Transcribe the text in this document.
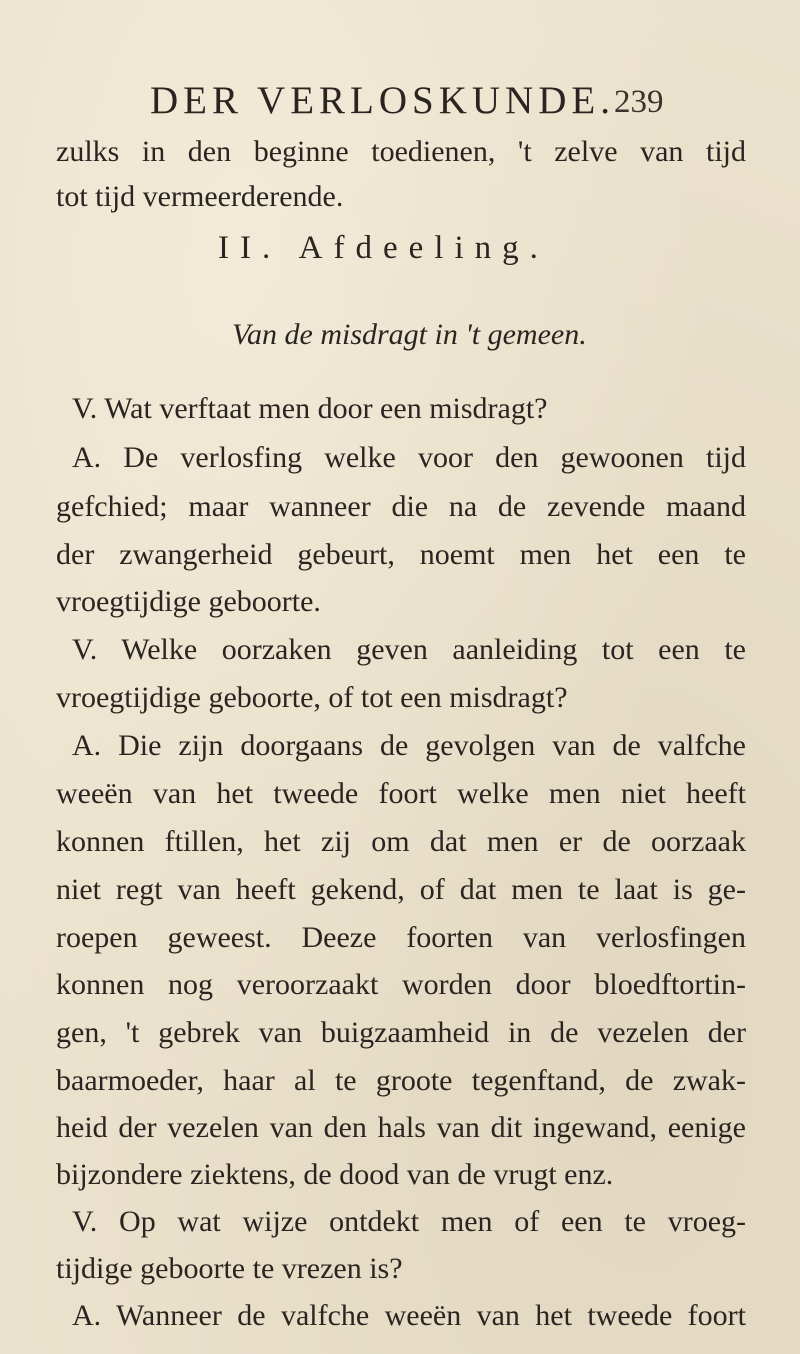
DER VERLOSKUNDE. 239
zulks in den beginne toedienen, 't zelve van tijd
tot tijd vermeerderende.
II. Afdeeling.
Van de misdragt in 't gemeen.
V. Wat verftaat men door een misdragt?
A. De verlosfing welke voor den gewoonen tijd
gefchied; maar wanneer die na de zevende maand
der zwangerheid gebeurt, noemt men het een te
vroegtijdige geboorte.
V. Welke oorzaken geven aanleiding tot een te
vroegtijdige geboorte, of tot een misdragt?
A. Die zijn doorgaans de gevolgen van de valfche
weeën van het tweede foort welke men niet heeft
konnen ftillen, het zij om dat men er de oorzaak
niet regt van heeft gekend, of dat men te laat is ge-
roepen geweest. Deeze foorten van verlosfingen
konnen nog veroorzaakt worden door bloedftortin-
gen, 't gebrek van buigzaamheid in de vezelen der
baarmoeder, haar al te groote tegenftand, de zwak-
heid der vezelen van den hals van dit ingewand, eenige
bijzondere ziektens, de dood van de vrugt enz.
V. Op wat wijze ontdekt men of een te vroeg-
tijdige geboorte te vrezen is?
A. Wanneer de valfche weeën van het tweede foort
